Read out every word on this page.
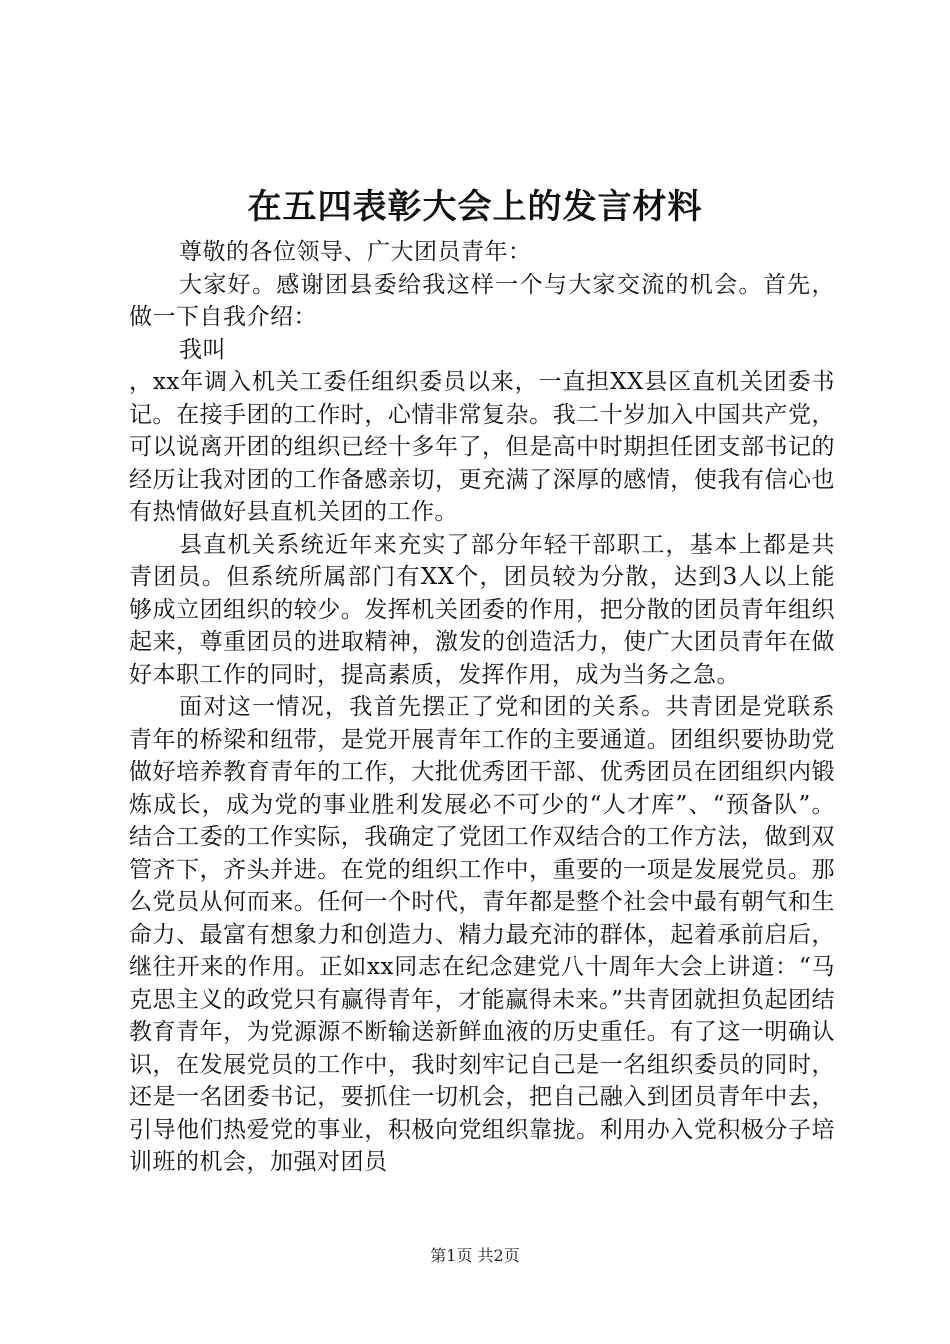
在五四表彰大会上的发言材料

尊敬的各位领导、广大团员青年：

大家好。感谢团县委给我这样一个与大家交流的机会。首先，做一下自我介绍：

我叫

，xx年调入机关工委任组织委员以来，一直担XX县区直机关团委书记。在接手团的工作时，心情非常复杂。我二十岁加入中国共产党，可以说离开团的组织已经十多年了，但是高中时期担任团支部书记的经历让我对团的工作备感亲切，更充满了深厚的感情，使我有信心也有热情做好县直机关团的工作。

县直机关系统近年来充实了部分年轻干部职工，基本上都是共青团员。但系统所属部门有XX个，团员较为分散，达到3人以上能够成立团组织的较少。发挥机关团委的作用，把分散的团员青年组织起来，尊重团员的进取精神，激发的创造活力，使广大团员青年在做好本职工作的同时，提高素质，发挥作用，成为当务之急。

面对这一情况，我首先摆正了党和团的关系。共青团是党联系青年的桥梁和纽带，是党开展青年工作的主要通道。团组织要协助党做好培养教育青年的工作，大批优秀团干部、优秀团员在团组织内锻炼成长，成为党的事业胜利发展必不可少的“人才库”、“预备队”。结合工委的工作实际，我确定了党团工作双结合的工作方法，做到双管齐下，齐头并进。在党的组织工作中，重要的一项是发展党员。那么党员从何而来。任何一个时代，青年都是整个社会中最有朝气和生命力、最富有想象力和创造力、精力最充沛的群体，起着承前启后，继往开来的作用。正如xx同志在纪念建党八十周年大会上讲道：“马克思主义的政党只有赢得青年，才能赢得未来。”共青团就担负起团结教育青年，为党源源不断输送新鲜血液的历史重任。有了这一明确认识，在发展党员的工作中，我时刻牢记自己是一名组织委员的同时，还是一名团委书记，要抓住一切机会，把自己融入到团员青年中去，引导他们热爱党的事业，积极向党组织靠拢。利用办入党积极分子培训班的机会，加强对团员

第1页 共2页
